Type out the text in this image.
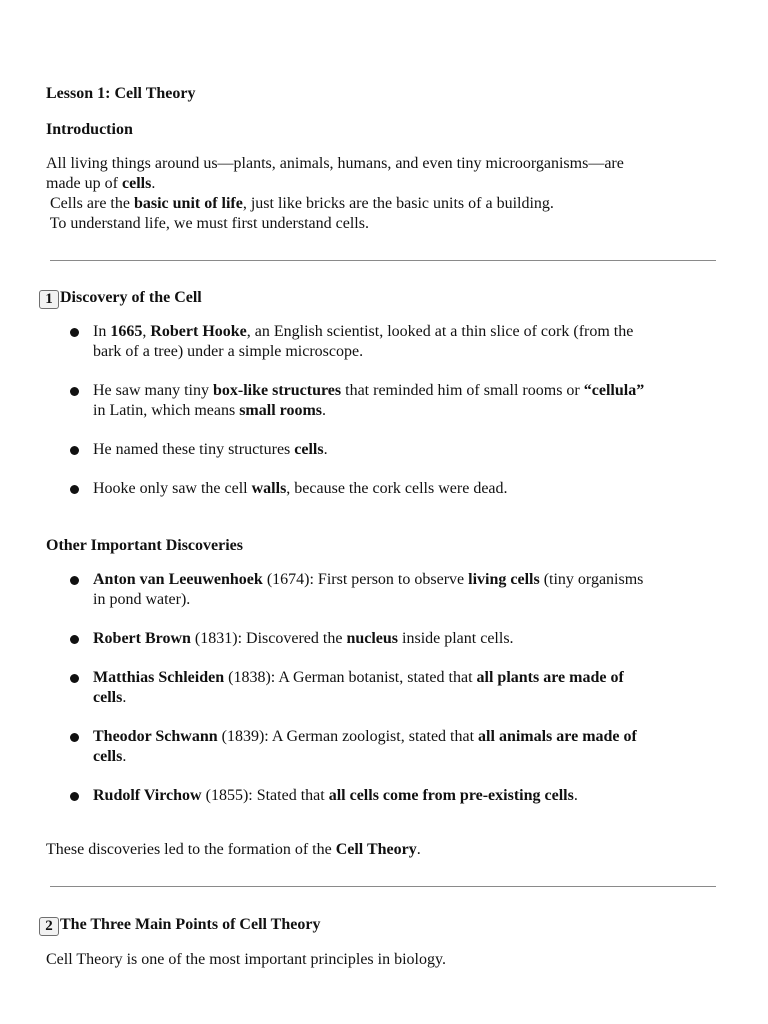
Lesson 1: Cell Theory
Introduction
All living things around us—plants, animals, humans, and even tiny microorganisms—are
made up of cells.
Cells are the basic unit of life, just like bricks are the basic units of a building.
To understand life, we must first understand cells.
1 Discovery of the Cell
In 1665, Robert Hooke, an English scientist, looked at a thin slice of cork (from the
bark of a tree) under a simple microscope.
He saw many tiny box-like structures that reminded him of small rooms or “cellula”
in Latin, which means small rooms.
He named these tiny structures cells.
Hooke only saw the cell walls, because the cork cells were dead.
Other Important Discoveries
Anton van Leeuwenhoek (1674): First person to observe living cells (tiny organisms
in pond water).
Robert Brown (1831): Discovered the nucleus inside plant cells.
Matthias Schleiden (1838): A German botanist, stated that all plants are made of
cells.
Theodor Schwann (1839): A German zoologist, stated that all animals are made of
cells.
Rudolf Virchow (1855): Stated that all cells come from pre-existing cells.
These discoveries led to the formation of the Cell Theory.
2 The Three Main Points of Cell Theory
Cell Theory is one of the most important principles in biology.
